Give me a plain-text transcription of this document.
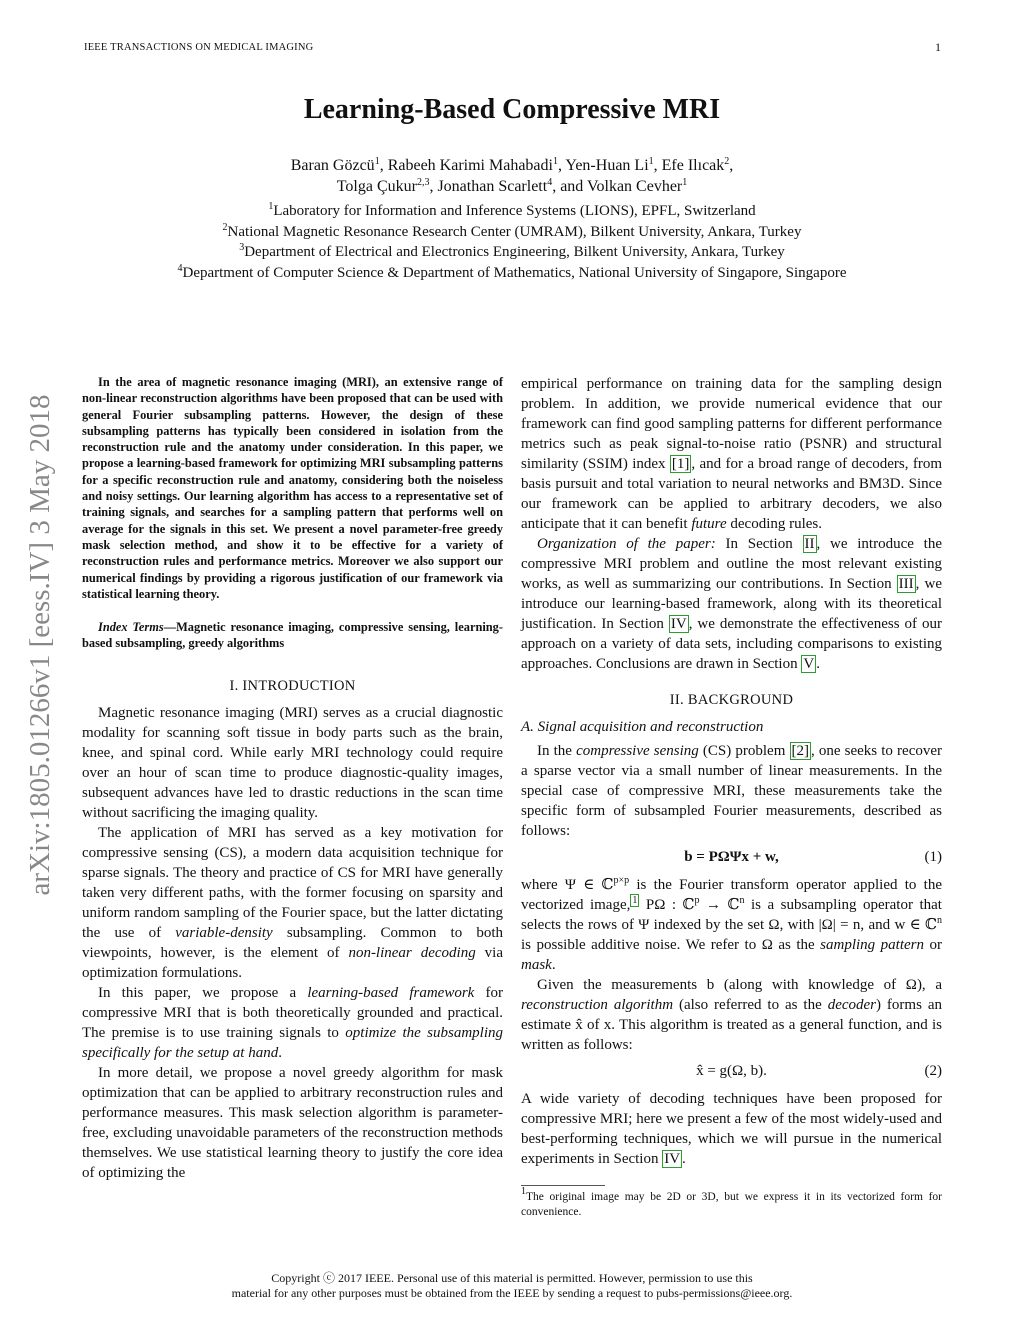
IEEE TRANSACTIONS ON MEDICAL IMAGING	1
Learning-Based Compressive MRI
Baran Gözcü$^1$, Rabeeh Karimi Mahabadi$^1$, Yen-Huan Li$^1$, Efe Ilıcak$^2$,
Tolga Çukur$^{2,3}$, Jonathan Scarlett$^4$, and Volkan Cevher$^1$
$^1$Laboratory for Information and Inference Systems (LIONS), EPFL, Switzerland
$^2$National Magnetic Resonance Research Center (UMRAM), Bilkent University, Ankara, Turkey
$^3$Department of Electrical and Electronics Engineering, Bilkent University, Ankara, Turkey
$^4$Department of Computer Science & Department of Mathematics, National University of Singapore, Singapore
arXiv:1805.01266v1 [eess.IV] 3 May 2018

In the area of magnetic resonance imaging (MRI), an extensive range of non-linear reconstruction algorithms have been proposed that can be used with general Fourier subsampling patterns. However, the design of these subsampling patterns has typically been considered in isolation from the reconstruction rule and the anatomy under consideration. In this paper, we propose a learning-based framework for optimizing MRI subsampling patterns for a specific reconstruction rule and anatomy, considering both the noiseless and noisy settings. Our learning algorithm has access to a representative set of training signals, and searches for a sampling pattern that performs well on average for the signals in this set. We present a novel parameter-free greedy mask selection method, and show it to be effective for a variety of reconstruction rules and performance metrics. Moreover we also support our numerical findings by providing a rigorous justification of our framework via statistical learning theory.

Index Terms—Magnetic resonance imaging, compressive sensing, learning-based subsampling, greedy algorithms
I. INTRODUCTION

Magnetic resonance imaging (MRI) serves as a crucial diagnostic modality for scanning soft tissue in body parts such as the brain, knee, and spinal cord. While early MRI technology could require over an hour of scan time to produce diagnostic-quality images, subsequent advances have led to drastic reductions in the scan time without sacrificing the imaging quality.

The application of MRI has served as a key motivation for compressive sensing (CS), a modern data acquisition technique for sparse signals. The theory and practice of CS for MRI have generally taken very different paths, with the former focusing on sparsity and uniform random sampling of the Fourier space, but the latter dictating the use of variable-density subsampling. Common to both viewpoints, however, is the element of non-linear decoding via optimization formulations.

In this paper, we propose a learning-based framework for compressive MRI that is both theoretically grounded and practical. The premise is to use training signals to optimize the subsampling specifically for the setup at hand.

In more detail, we propose a novel greedy algorithm for mask optimization that can be applied to arbitrary reconstruction rules and performance measures. This mask selection algorithm is parameter-free, excluding unavoidable parameters of the reconstruction methods themselves. We use statistical learning theory to justify the core idea of optimizing the

empirical performance on training data for the sampling design problem. In addition, we provide numerical evidence that our framework can find good sampling patterns for different performance metrics such as peak signal-to-noise ratio (PSNR) and structural similarity (SSIM) index [1] , and for a broad range of decoders, from basis pursuit and total variation to neural networks and BM3D. Since our framework can be applied to arbitrary decoders, we also anticipate that it can benefit future decoding rules.

Organization of the paper: In Section II , we introduce the compressive MRI problem and outline the most relevant existing works, as well as summarizing our contributions. In Section III , we introduce our learning-based framework, along with its theoretical justification. In Section IV , we demonstrate the effectiveness of our approach on a variety of data sets, including comparisons to existing approaches. Conclusions are drawn in Section V .

II. BACKGROUND
A. Signal acquisition and reconstruction

In the compressive sensing (CS) problem [2] , one seeks to recover a sparse vector via a small number of linear measurements. In the special case of compressive MRI, these measurements take the specific form of subsampled Fourier measurements, described as follows:

b = PΩΨx + w,	(1)

where Ψ ∈ ℂ$^{p\times p}$ is the Fourier transform operator applied to the vectorized image, $^1$ PΩ : ℂ$^p$ → ℂ$^n$ is a subsampling operator that selects the rows of Ψ indexed by the set Ω, with |Ω| = n, and w ∈ ℂ$^n$ is possible additive noise. We refer to Ω as the sampling pattern or mask.

Given the measurements b (along with knowledge of Ω), a reconstruction algorithm (also referred to as the decoder) forms an estimate x̂ of x. This algorithm is treated as a general function, and is written as follows:

x̂ = g(Ω, b).	(2)

A wide variety of decoding techniques have been proposed for compressive MRI; here we present a few of the most widely-used and best-performing techniques, which we will pursue in the numerical experiments in Section IV .

$^1$The original image may be 2D or 3D, but we express it in its vectorized form for convenience.
Copyright ⓒ 2017 IEEE. Personal use of this material is permitted. However, permission to use this
material for any other purposes must be obtained from the IEEE by sending a request to pubs-permissions@ieee.org.
